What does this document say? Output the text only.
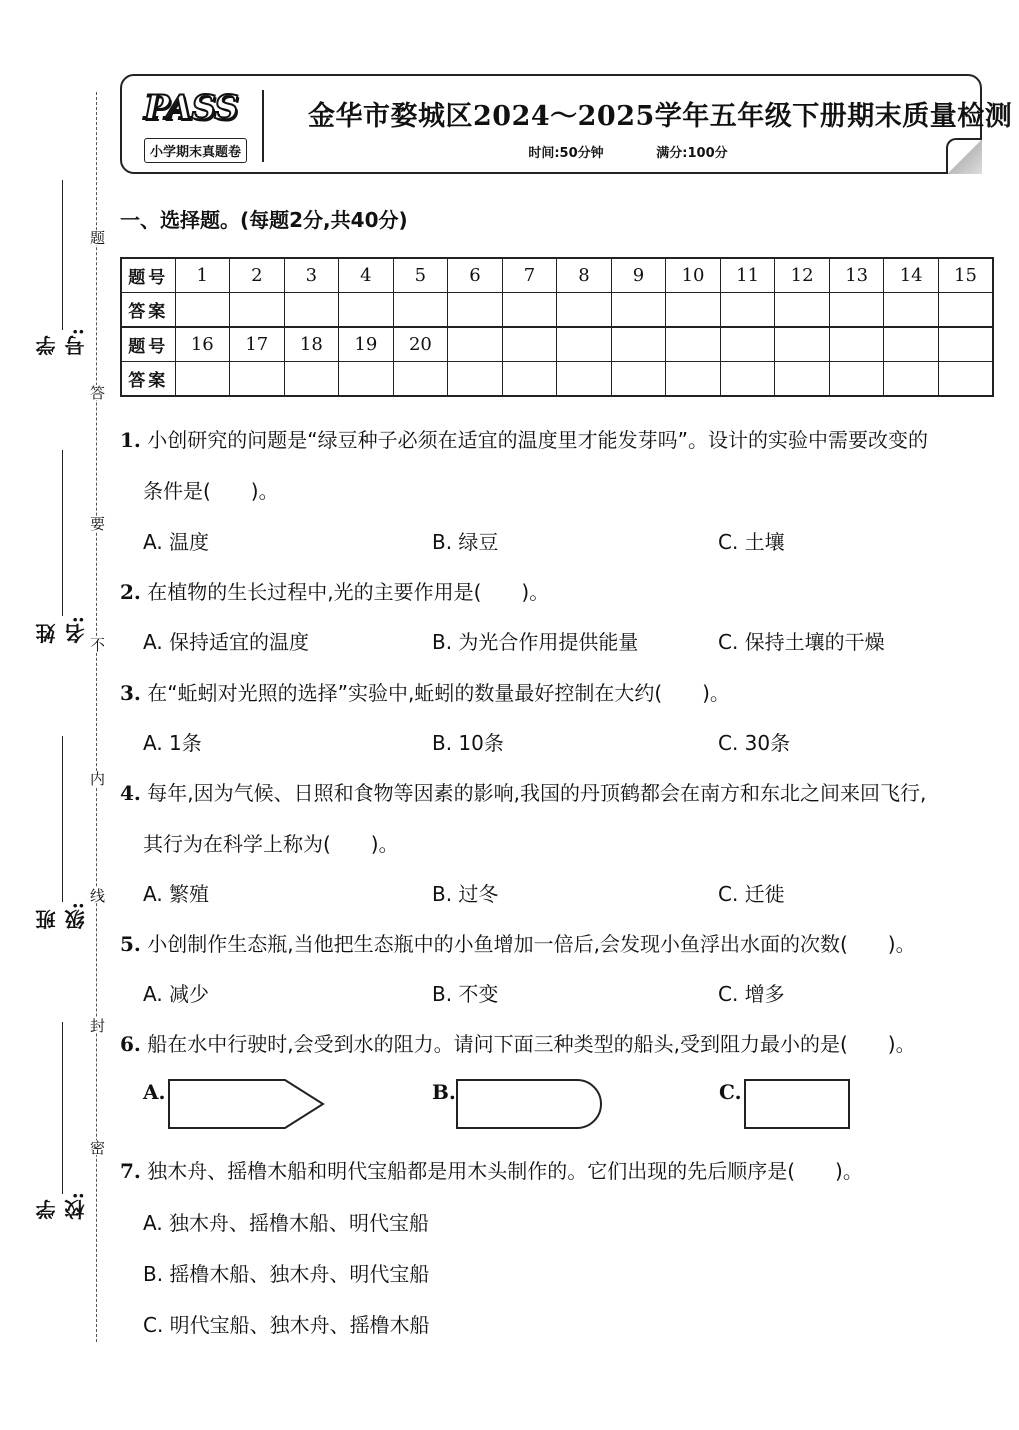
题
答
要
不
内
线
封
密
学号:
姓名:
班级:
学校:
PASS
小学期末真题卷
金华市婺城区2024～2025学年五年级下册期末质量检测
时间:50分钟	满分:100分
一、选择题。(每题2分,共40分)
题号	1	2	3	4	5	6	7	8	9	10	11	12	13	14	15
答案															
题号	16	17	18	19	20										
答案															
1. 小创研究的问题是“绿豆种子必须在适宜的温度里才能发芽吗”。设计的实验中需要改变的
条件是(　　)。
A. 温度	B. 绿豆	C. 土壤
2. 在植物的生长过程中,光的主要作用是(　　)。
A. 保持适宜的温度	B. 为光合作用提供能量	C. 保持土壤的干燥
3. 在“蚯蚓对光照的选择”实验中,蚯蚓的数量最好控制在大约(　　)。
A. 1条	B. 10条	C. 30条
4. 每年,因为气候、日照和食物等因素的影响,我国的丹顶鹤都会在南方和东北之间来回飞行,
其行为在科学上称为(　　)。
A. 繁殖	B. 过冬	C. 迁徙
5. 小创制作生态瓶,当他把生态瓶中的小鱼增加一倍后,会发现小鱼浮出水面的次数(　　)。
A. 减少	B. 不变	C. 增多
6. 船在水中行驶时,会受到水的阻力。请问下面三种类型的船头,受到阻力最小的是(　　)。
A.	B.	C.
7. 独木舟、摇橹木船和明代宝船都是用木头制作的。它们出现的先后顺序是(　　)。
A. 独木舟、摇橹木船、明代宝船
B. 摇橹木船、独木舟、明代宝船
C. 明代宝船、独木舟、摇橹木船
